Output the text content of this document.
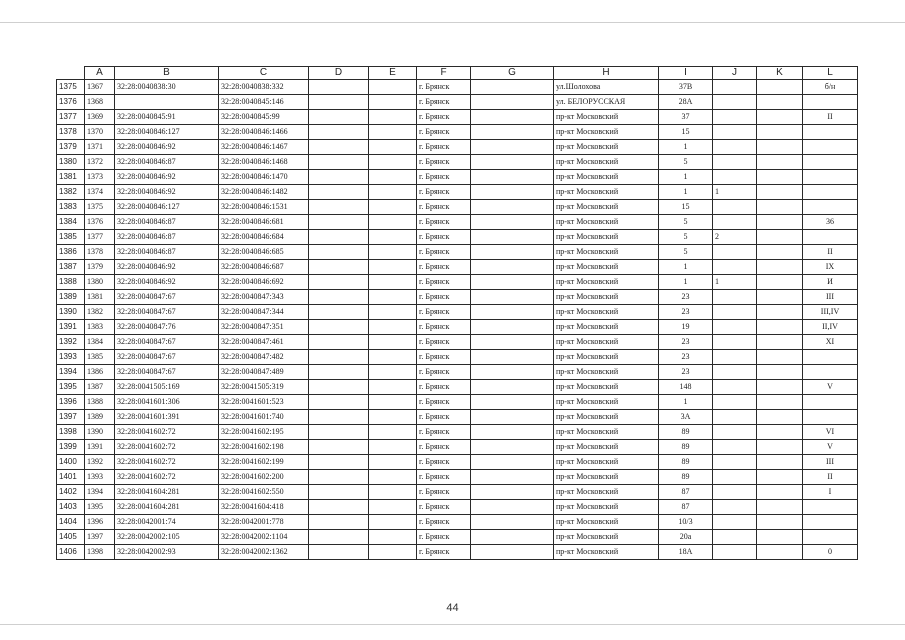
	A	B	C	D	E	F	G	H	I	J	K	L
1375	1367	32:28:0040838:30	32:28:0040838:332			г. Брянск		ул.Шолохова	37В			б/н
1376	1368		32:28:0040845:146			г. Брянск		ул. БЕЛОРУССКАЯ	28А			
1377	1369	32:28:0040845:91	32:28:0040845:99			г. Брянск		пр-кт Московский	37			II
1378	1370	32:28:0040846:127	32:28:0040846:1466			г. Брянск		пр-кт Московский	15			
1379	1371	32:28:0040846:92	32:28:0040846:1467			г. Брянск		пр-кт Московский	1			
1380	1372	32:28:0040846:87	32:28:0040846:1468			г. Брянск		пр-кт Московский	5			
1381	1373	32:28:0040846:92	32:28:0040846:1470			г. Брянск		пр-кт Московский	1			
1382	1374	32:28:0040846:92	32:28:0040846:1482			г. Брянск		пр-кт Московский	1	1		
1383	1375	32:28:0040846:127	32:28:0040846:1531			г. Брянск		пр-кт Московский	15			
1384	1376	32:28:0040846:87	32:28:0040846:681			г. Брянск		пр-кт Московский	5			36
1385	1377	32:28:0040846:87	32:28:0040846:684			г. Брянск		пр-кт Московский	5	2		
1386	1378	32:28:0040846:87	32:28:0040846:685			г. Брянск		пр-кт Московский	5			II
1387	1379	32:28:0040846:92	32:28:0040846:687			г. Брянск		пр-кт Московский	1			IX
1388	1380	32:28:0040846:92	32:28:0040846:692			г. Брянск		пр-кт Московский	1	1		И
1389	1381	32:28:0040847:67	32:28:0040847:343			г. Брянск		пр-кт Московский	23			III
1390	1382	32:28:0040847:67	32:28:0040847:344			г. Брянск		пр-кт Московский	23			III,IV
1391	1383	32:28:0040847:76	32:28:0040847:351			г. Брянск		пр-кт Московский	19			II,IV
1392	1384	32:28:0040847:67	32:28:0040847:461			г. Брянск		пр-кт Московский	23			XI
1393	1385	32:28:0040847:67	32:28:0040847:482			г. Брянск		пр-кт Московский	23			
1394	1386	32:28:0040847:67	32:28:0040847:489			г. Брянск		пр-кт Московский	23			
1395	1387	32:28:0041505:169	32:28:0041505:319			г. Брянск		пр-кт Московский	148			V
1396	1388	32:28:0041601:306	32:28:0041601:523			г. Брянск		пр-кт Московский	1			
1397	1389	32:28:0041601:391	32:28:0041601:740			г. Брянск		пр-кт Московский	3А			
1398	1390	32:28:0041602:72	32:28:0041602:195			г. Брянск		пр-кт Московский	89			VI
1399	1391	32:28:0041602:72	32:28:0041602:198			г. Брянск		пр-кт Московский	89			V
1400	1392	32:28:0041602:72	32:28:0041602:199			г. Брянск		пр-кт Московский	89			III
1401	1393	32:28:0041602:72	32:28:0041602:200			г. Брянск		пр-кт Московский	89			II
1402	1394	32:28:0041604:281	32:28:0041602:550			г. Брянск		пр-кт Московский	87			I
1403	1395	32:28:0041604:281	32:28:0041604:418			г. Брянск		пр-кт Московский	87			
1404	1396	32:28:0042001:74	32:28:0042001:778			г. Брянск		пр-кт Московский	10/3			
1405	1397	32:28:0042002:105	32:28:0042002:1104			г. Брянск		пр-кт Московский	20а			
1406	1398	32:28:0042002:93	32:28:0042002:1362			г. Брянск		пр-кт Московский	18А			0
44
